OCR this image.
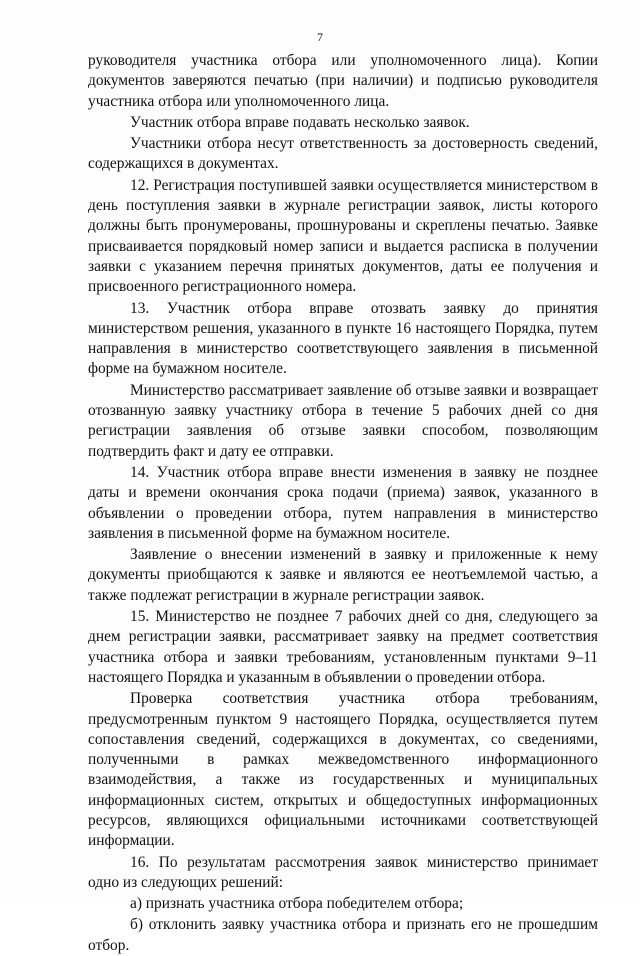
7

руководителя участника отбора или уполномоченного лица). Копии документов заверяются печатью (при наличии) и подписью руководителя участника отбора или уполномоченного лица.

Участник отбора вправе подавать несколько заявок.

Участники отбора несут ответственность за достоверность сведений, содержащихся в документах.

12. Регистрация поступившей заявки осуществляется министерством в день поступления заявки в журнале регистрации заявок, листы которого должны быть пронумерованы, прошнурованы и скреплены печатью. Заявке присваивается порядковый номер записи и выдается расписка в получении заявки с указанием перечня принятых документов, даты ее получения и присвоенного регистрационного номера.

13. Участник отбора вправе отозвать заявку до принятия министерством решения, указанного в пункте 16 настоящего Порядка, путем направления в министерство соответствующего заявления в письменной форме на бумажном носителе.

Министерство рассматривает заявление об отзыве заявки и возвращает отозванную заявку участнику отбора в течение 5 рабочих дней со дня регистрации заявления об отзыве заявки способом, позволяющим подтвердить факт и дату ее отправки.

14. Участник отбора вправе внести изменения в заявку не позднее даты и времени окончания срока подачи (приема) заявок, указанного в объявлении о проведении отбора, путем направления в министерство заявления в письменной форме на бумажном носителе.

Заявление о внесении изменений в заявку и приложенные к нему документы приобщаются к заявке и являются ее неотъемлемой частью, а также подлежат регистрации в журнале регистрации заявок.

15. Министерство не позднее 7 рабочих дней со дня, следующего за днем регистрации заявки, рассматривает заявку на предмет соответствия участника отбора и заявки требованиям, установленным пунктами 9–11 настоящего Порядка и указанным в объявлении о проведении отбора.

Проверка соответствия участника отбора требованиям, предусмотренным пунктом 9 настоящего Порядка, осуществляется путем сопоставления сведений, содержащихся в документах, со сведениями, полученными в рамках межведомственного информационного взаимодействия, а также из государственных и муниципальных информационных систем, открытых и общедоступных информационных ресурсов, являющихся официальными источниками соответствующей информации.

16. По результатам рассмотрения заявок министерство принимает одно из следующих решений:

а) признать участника отбора победителем отбора;

б) отклонить заявку участника отбора и признать его не прошедшим отбор.
